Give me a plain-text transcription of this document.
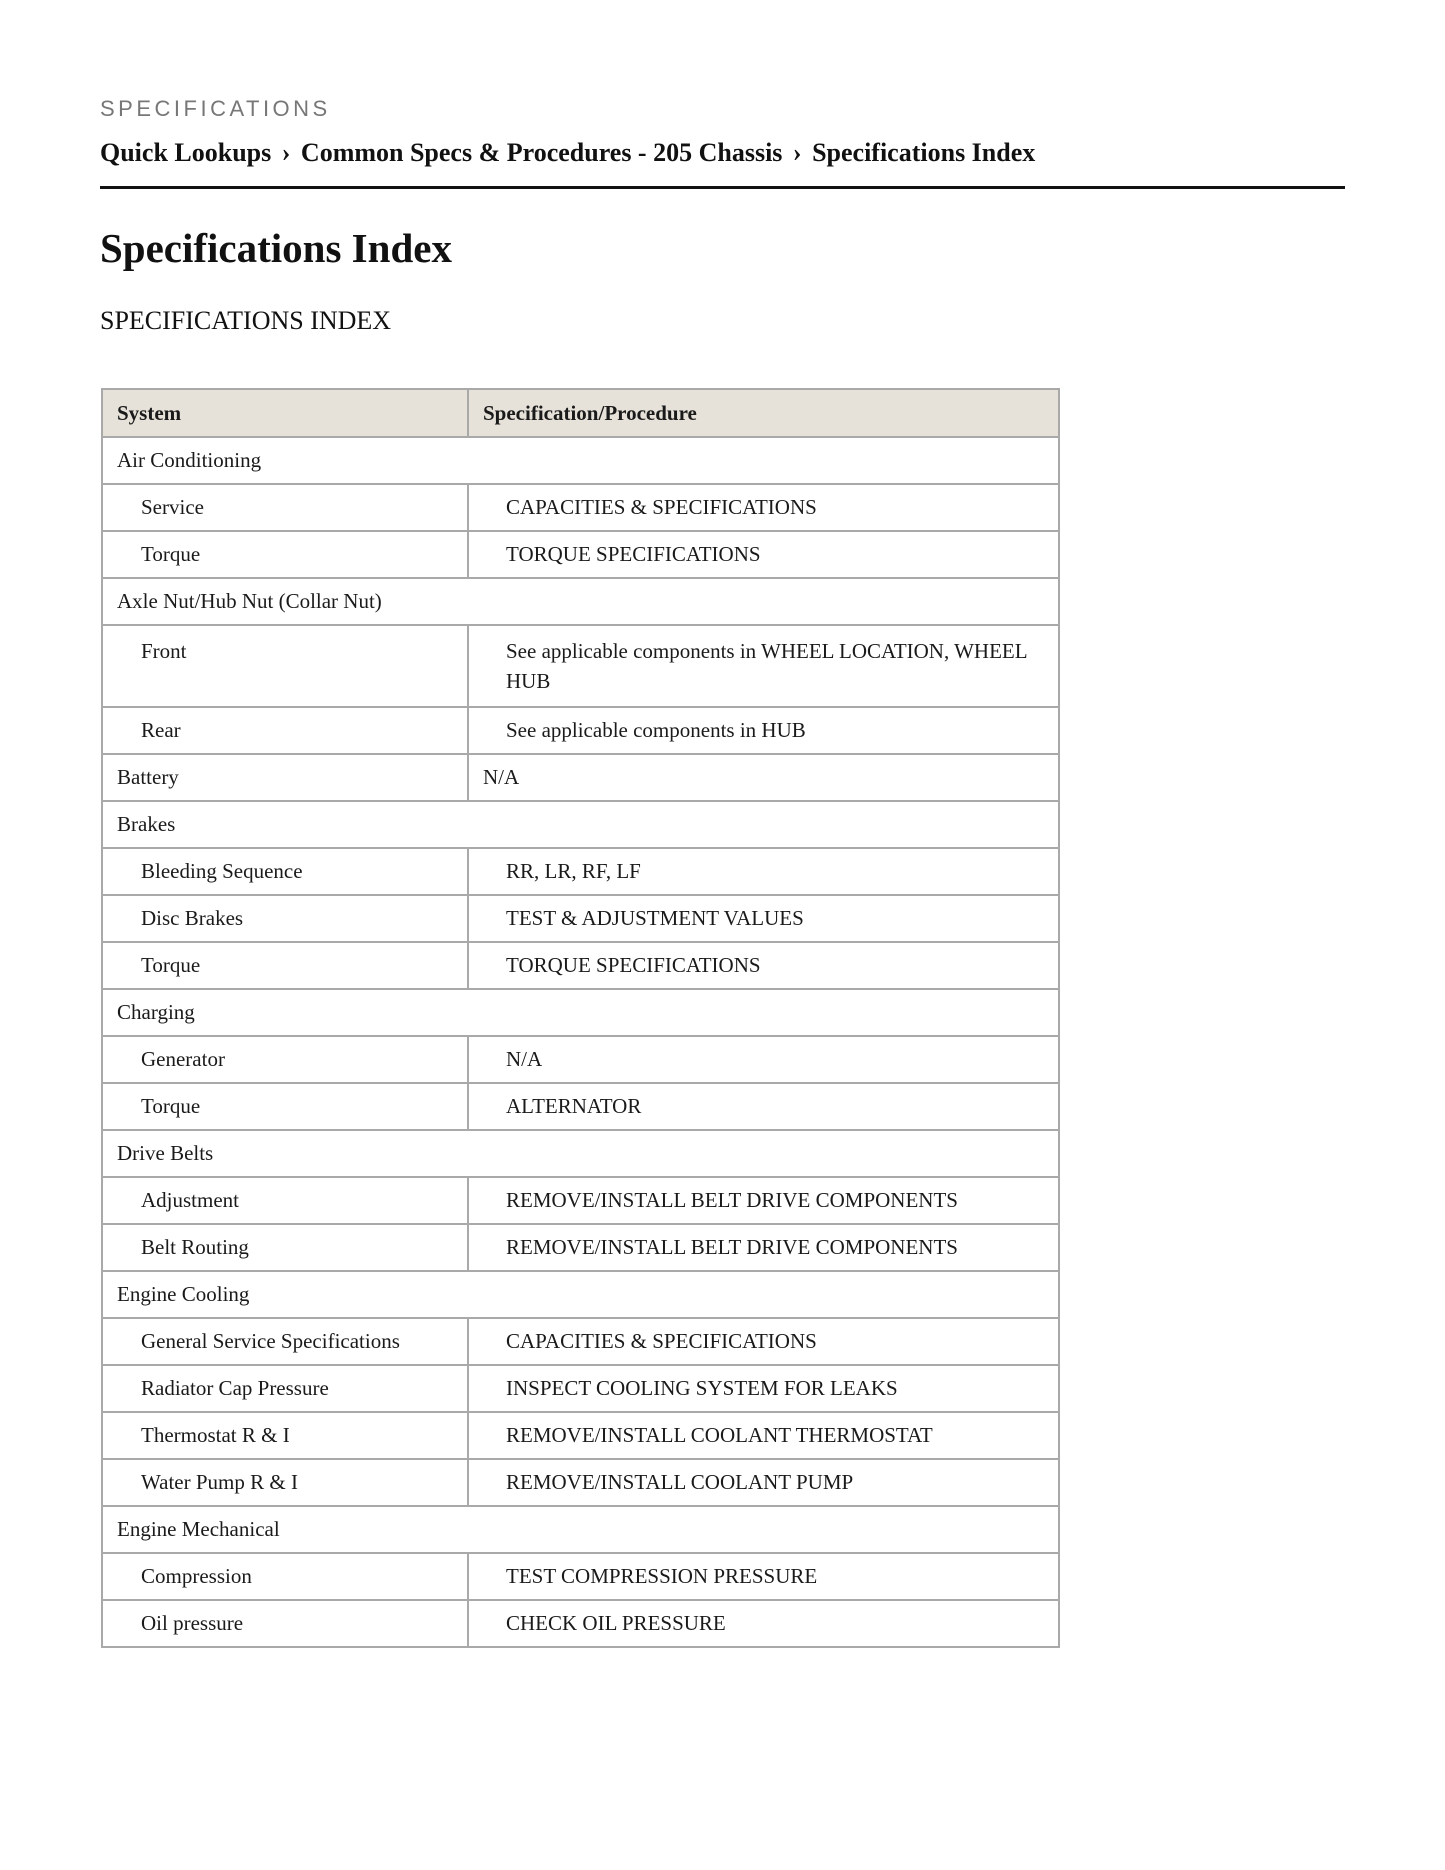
SPECIFICATIONS
Quick Lookups › Common Specs & Procedures - 205 Chassis › Specifications Index
Specifications Index
SPECIFICATIONS INDEX
System	Specification/Procedure
Air Conditioning	
Service	CAPACITIES & SPECIFICATIONS
Torque	TORQUE SPECIFICATIONS
Axle Nut/Hub Nut (Collar Nut)	
Front	See applicable components in WHEEL LOCATION, WHEEL HUB
Rear	See applicable components in HUB
Battery	N/A
Brakes	
Bleeding Sequence	RR, LR, RF, LF
Disc Brakes	TEST & ADJUSTMENT VALUES
Torque	TORQUE SPECIFICATIONS
Charging	
Generator	N/A
Torque	ALTERNATOR
Drive Belts	
Adjustment	REMOVE/INSTALL BELT DRIVE COMPONENTS
Belt Routing	REMOVE/INSTALL BELT DRIVE COMPONENTS
Engine Cooling	
General Service Specifications	CAPACITIES & SPECIFICATIONS
Radiator Cap Pressure	INSPECT COOLING SYSTEM FOR LEAKS
Thermostat R & I	REMOVE/INSTALL COOLANT THERMOSTAT
Water Pump R & I	REMOVE/INSTALL COOLANT PUMP
Engine Mechanical	
Compression	TEST COMPRESSION PRESSURE
Oil pressure	CHECK OIL PRESSURE
